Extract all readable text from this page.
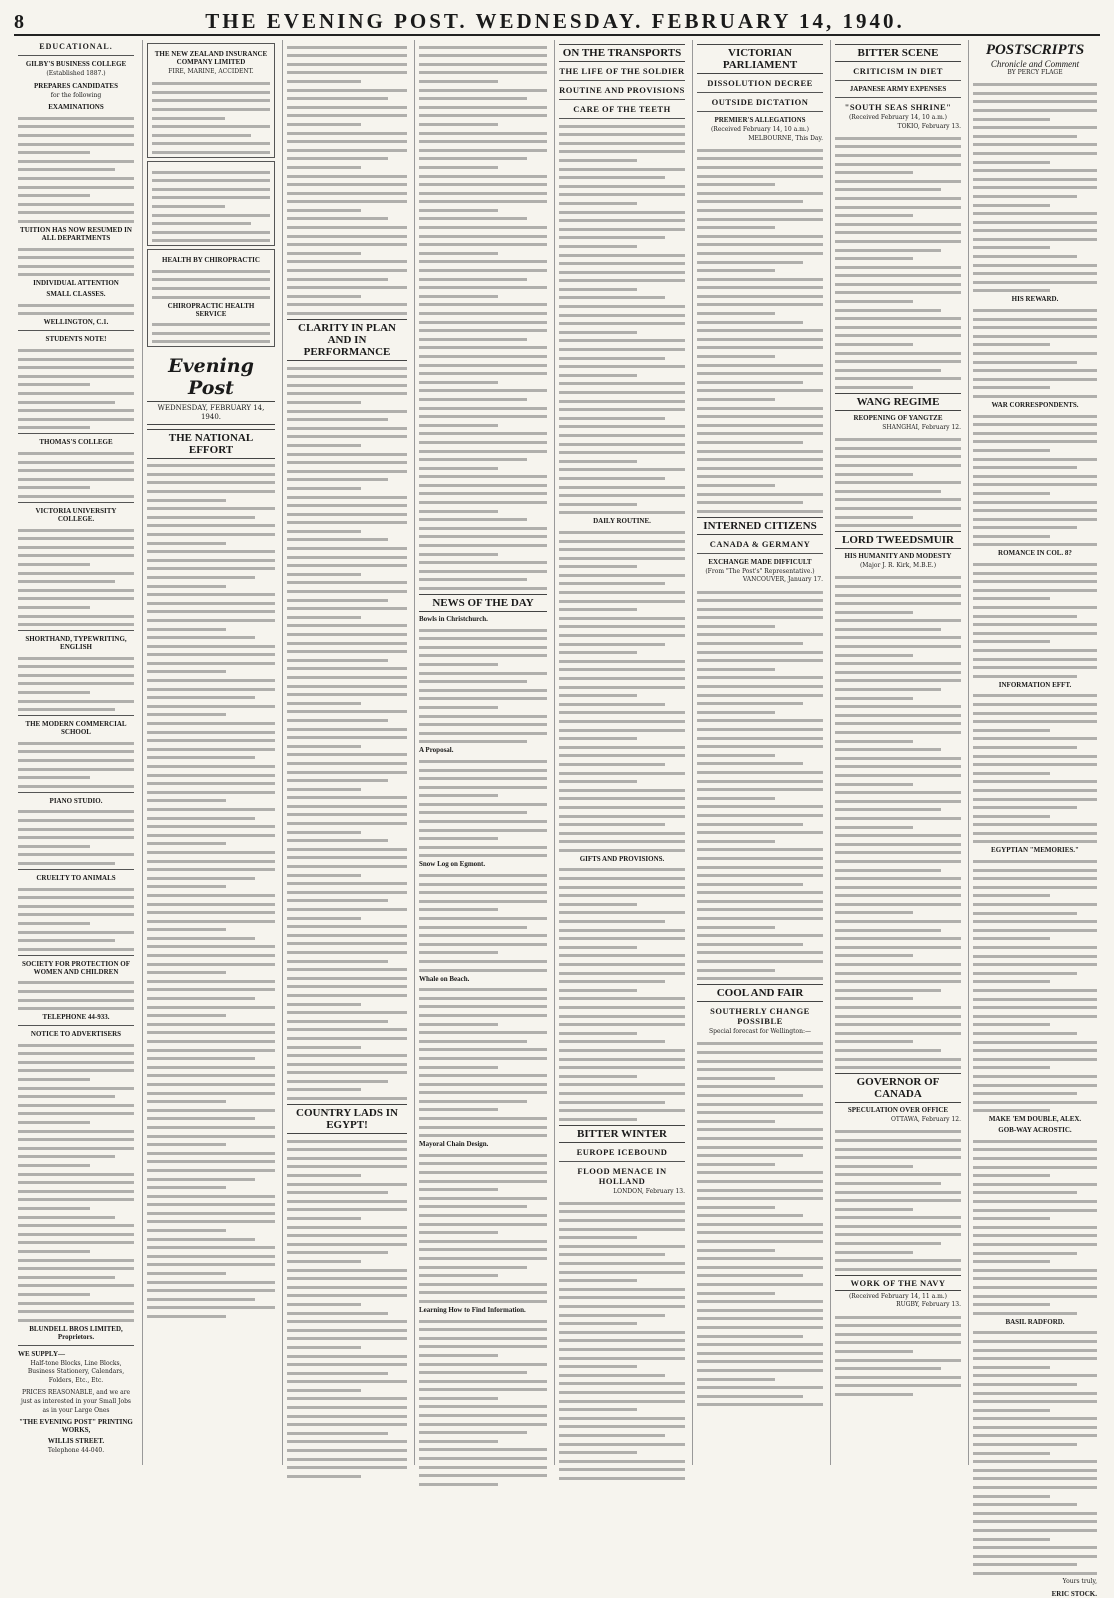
8	THE EVENING POST. WEDNESDAY. FEBRUARY 14, 1940.
EDUCATIONAL.
GILBY'S BUSINESS COLLEGE
(Established 1887.)
PREPARES CANDIDATES
for the following
EXAMINATIONS
TUITION HAS NOW RESUMED IN ALL DEPARTMENTS
INDIVIDUAL ATTENTION
SMALL CLASSES.
WELLINGTON, C.1.
STUDENTS NOTE!
THOMAS'S COLLEGE
VICTORIA UNIVERSITY COLLEGE.
SHORTHAND, TYPEWRITING, ENGLISH
THE MODERN COMMERCIAL SCHOOL
PIANO STUDIO.
CRUELTY TO ANIMALS
SOCIETY FOR PROTECTION OF WOMEN AND CHILDREN
TELEPHONE 44-933.
NOTICE TO ADVERTISERS
BLUNDELL BROS LIMITED, Proprietors.
WE SUPPLY—
Half-tone Blocks, Line Blocks, Business Stationery, Calendars, Folders, Etc., Etc.
PRICES REASONABLE, and we are just as interested in your Small Jobs as in your Large Ones
"THE EVENING POST" PRINTING WORKS,
WILLIS STREET.
Telephone 44-040.
THE NEW ZEALAND INSURANCE COMPANY LIMITED
FIRE, MARINE, ACCIDENT.
HEALTH BY CHIROPRACTIC
CHIROPRACTIC HEALTH SERVICE
Evening Post
WEDNESDAY, FEBRUARY 14, 1940.
THE NATIONAL EFFORT
CLARITY IN PLAN AND IN PERFORMANCE
COUNTRY LADS IN EGYPT!
NEWS OF THE DAY
Bowls in Christchurch.
A Proposal.
Snow Log on Egmont.
Whale on Beach.
Mayoral Chain Design.
Learning How to Find Information.
ON THE TRANSPORTS
THE LIFE OF THE SOLDIER
ROUTINE AND PROVISIONS
CARE OF THE TEETH
DAILY ROUTINE.
GIFTS AND PROVISIONS.
BITTER WINTER
EUROPE ICEBOUND
FLOOD MENACE IN HOLLAND
LONDON, February 13.
VICTORIAN PARLIAMENT
DISSOLUTION DECREE
OUTSIDE DICTATION
PREMIER'S ALLEGATIONS
(Received February 14, 10 a.m.)
MELBOURNE, This Day.
INTERNED CITIZENS
CANADA & GERMANY
EXCHANGE MADE DIFFICULT
(From "The Post's" Representative.)
VANCOUVER, January 17.
COOL AND FAIR
SOUTHERLY CHANGE POSSIBLE
Special forecast for Wellington:—
BITTER SCENE
CRITICISM IN DIET
JAPANESE ARMY EXPENSES
"SOUTH SEAS SHRINE"
(Received February 14, 10 a.m.)
TOKIO, February 13.
WANG REGIME
REOPENING OF YANGTZE
SHANGHAI, February 12.
LORD TWEEDSMUIR
HIS HUMANITY AND MODESTY
(Major J. R. Kirk, M.B.E.)
GOVERNOR OF CANADA
SPECULATION OVER OFFICE
OTTAWA, February 12.
WORK OF THE NAVY
(Received February 14, 11 a.m.)
RUGBY, February 13.
POSTSCRIPTS
Chronicle and Comment
BY PERCY FLAGE
HIS REWARD.
WAR CORRESPONDENTS.
ROMANCE IN COL. 8?
INFORMATION EFFT.
EGYPTIAN "MEMORIES."
MAKE 'EM DOUBLE, ALEX.
GOB-WAY ACROSTIC.
BASIL RADFORD.
Yours truly,
ERIC STOCK.
